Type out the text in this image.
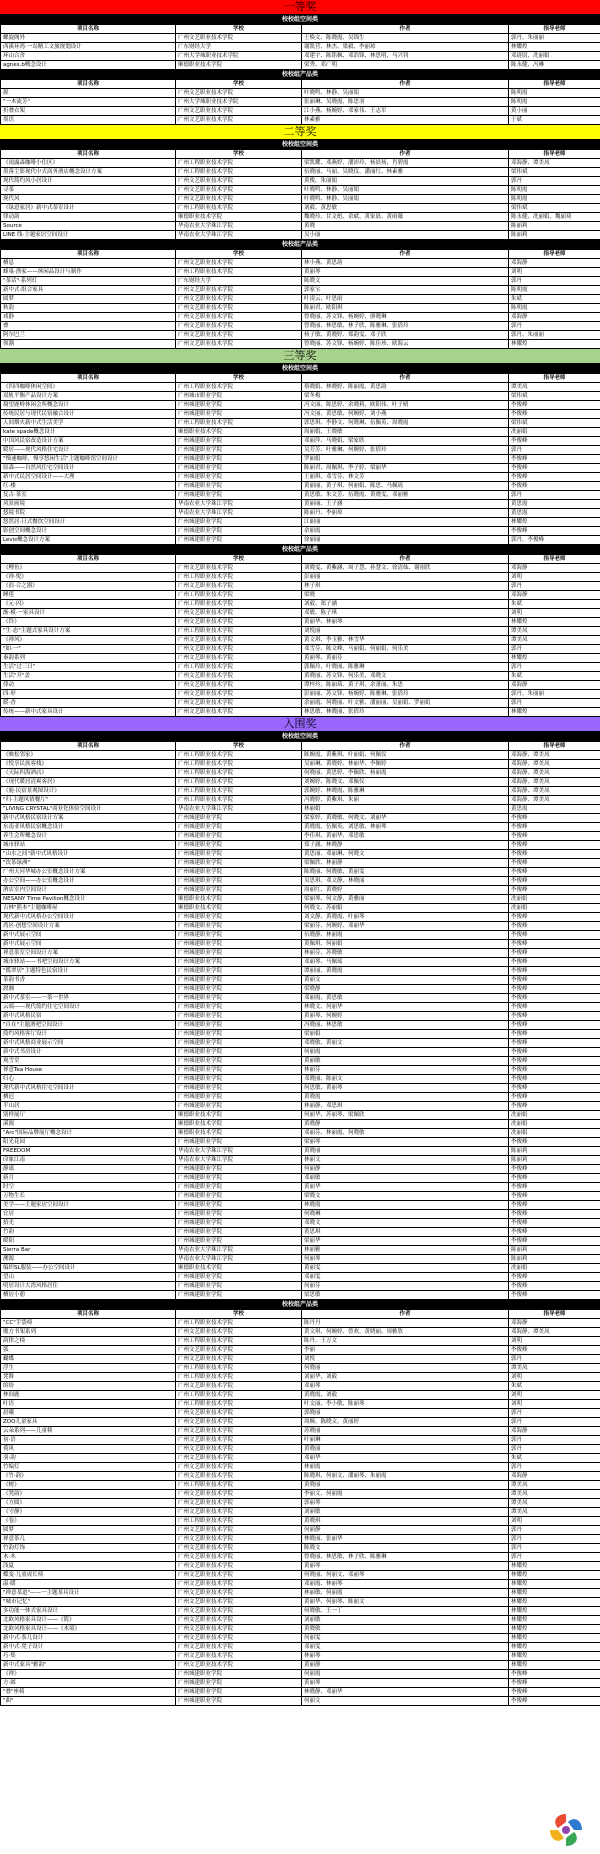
一等奖
校校组空间类
项目名称	学校	作者	指导老师
螺旋阁外	广州文艺职业技术学院	王焕文、陈晓霞、吴锦生	郭丹、朱丽丽
西溪环湾·一岛精工文旅规划设计	广东财经大学	谢凯营、林杰、梁毅、李丽琼	林耀煌
环山合舍	广州大学城职业技术学院	邓建宇、陈铭枫、邓浩锋、林思明、马兴钊	邓尉尉、冼丽娟
agnes.b概念设计	顺德职业技术学院	梁秀、邓广明	陈永健、冯琳
校校组产品类
项目名称	学校	作者	指导老师
源	广州文艺职业技术学院	叶晓鸣、林静、吴丽娟	陈明霞
"一木流芳"	广州大学城职业技术学院	张丽琳、吴晓霞、陈思羽	陈明霞
折叠衣架	广州文艺职业技术学院	江小燕、杨婉婷、邓家伟、王志军	黄小丽
墨语	广州文艺职业技术学院	林素雅	于斌
二等奖
校校组空间类
项目名称	学校	作者	指导老师
《雨露森咖啡小住区》	广州工程职业技术学院	梁凯耀、邓燕婷、潘沛玲、杨晨扬、肖碧霞	邓海静、谭美凤
墨落尘影现代中式商务酒店概念设计方案	广州工程职业技术学院	伍晓丽、马丽、吴晓仪、潘丽红、林素雅	梁伟斌
现代简约风小居设计	广州文艺职业技术学院	黄俊、朱丽娟	郭丹
寻茶	广州文艺职业技术学院	叶晓鸣、林静、吴丽娟	陈明霞
现代风	广州文艺职业技术学院	叶晓鸣、林静、吴丽娟	陈明霞
《绿意家居》新中式茶室设计	广州工程职业技术学院	刘毅、黄思敏	梁伟斌
律动韵	顺德职业技术学院	魏晓玲、甘文彪、余斌、黄家晨、黄雨薇	陈永健、冼丽娟、魏丽琦
Source	华南农业大学珠江学院	黄晓	陈丽莉
LINE 线·主题家居空间设计	华南农业大学珠江学院	吴小丽	陈丽莉
校校组产品类
项目名称	学校	作者	指导老师
栖息	广州文艺职业技术学院	林小燕、黄思韵	邓海静
蜂巢·渔家——休闲品设计与制作	广州工程职业技术学院	黄丽琴	刘明
"茶话"·系列灯	广东财经大学	陈晓文	郭丹
新中式·组合家具	广州文艺职业技术学院	郭家宝	陈明霞
圆梦	广州文艺职业技术学院	叶凌云、叶思雨	朱斌
秋韵	广州文艺职业技术学院	陈丽君、欧阳琪	陈明霞
戏静	广州文艺职业技术学院	曾晓丽、苏文锋、杨婉婷、廖晓琳	邓海静
叠	广州文艺职业技术学院	曾晓丽、林思敏、林子欣、陈雅琳、张倩玲	郭丹
阿尔巴兰	广州文艺职业技术学院	杨子敏、黄晓婷、郑韵雯、邓子欣	郭丹、朱丽丽
领潮	广州文艺职业技术学院	曾晓丽、苏文锋、杨婉婷、陈佳珍、欧海云	林耀煌
三等奖
校校组空间类
项目名称	学校	作者	指导老师
《四四咖啡休闲空间》	广州工程职业技术学院	蔡晓娟、林晓婷、陈丽霞、黄思韵	谭美凤
双轨平衡产品设计方案	广州城市职业学院	梁冬梅	梁伟斌
凝望鹿岭休闲会所概念设计	广州城建职业学院	冯文丽、陈思婷、余晓莉、欧阳伟、叶子晴	李俊峰
传统民居与现代民宿融合设计	广州城建职业学院	冯文丽、黄思敏、何婉婷、刘小燕	李俊峰
人间烟火新中式生活美学	广州工程职业技术学院	郭思琪、李静文、何晓琳、伍佩英、周晓霞	梁伟斌
kate spade概念设计	顺德职业技术学院	周丽娟、王晓敏	冼丽娟
中国风民宿改造设计方案	广州城建职业学院	邓丽萍、马晓娟、梁家欣	李俊峰
暖居——现代风格住宅设计	广州城建职业学院	吴芳芳、叶雅琳、何婉婷、张倩玲	郭丹
"慢速咖啡，慢享悠闲生活"主题咖啡馆空间设计	广州城建职业学院	罗丽娟	李俊峰
原森——自然风住宅空间设计	广州城建职业学院	陈丽君、周佩琪、李子婷、梁丽华	李俊峰
新中式民居空间设计——大理	广州城建职业学院	王丽琪、邓雪芬、林文芳	李俊峰
红·楼	广州城建职业学院	黄丽丽、黄子琪、何丽娟、陈思、马佩瑶	李俊峰
复古·茶室	广州城建职业学院	黄思敏、朱文芳、伍晓霞、黄晓雯、邓丽雅	郭丹
风景画境	华南农业大学珠江学院	黄丽丽、王子涵	黄思霞
悠境书院	华南农业大学珠江学院	陈丽丹、李丽琼	黄思霞
悠然居·日式餐饮空间设计	广州城建职业学院	江丽丽	林耀煌
影创空间概念设计	广州城建职业学院	余丽霞	李俊峰
Levis概念设计方案	广州城建职业学院	徐丽丽	郭丹、李俊峰
校校组产品类
项目名称	学校	作者	指导老师
《鲤鱼》	广州文艺职业技术学院	刘晓雯、黄紫涵、周子慧、孙慧文、徐清仙、谢雨欣	邓海静
《禅·悦》	广州工程职业技术学院	彭丽丽	刘明
《浪·合之器》	广州文艺职业技术学院	林子琪	郭丹
睡莲	广州工程职业技术学院	梁晓	邓海静
《元·闪》	广州工程职业技术学院	刘毅、郑子涵	朱斌
渐·模·一家具设计	广州文艺职业技术学院	邓敏、陈子琪	刘明
《铃》	广州文艺职业技术学院	黄丽华、林丽琴	林耀煌
"生·态"主题式家具设计方案	广州工程职业技术学院	刘悦丽	谭美凤
《禅风》	广州文艺职业技术学院	黄文琪、李玉雅、林雪华	谭美凤
"如·一"	广州文艺职业技术学院	邓雪芬、陈文峰、马丽娟、何丽娟、何乐美	郭丹
秦韵系列	广州文艺职业技术学院	黄丽琴、黄丽芬	林耀煌
生活"过三日"	广州工程职业技术学院	郭佩玲、叶晓丽、陈雅琳	郭丹
生活"开"盖	广州文艺职业技术学院	黄晓丽、苏文锋、何乐美、邓晓文	朱斌
律动	广州文艺职业技术学院	谭梓玲、陈丽琦、黄子琪、余萧丽、朱思	邓海静
四·形	广州文艺职业技术学院	彭丽丽、苏文锋、杨婉婷、陈雅琳、张倩玲	郭丹、朱丽丽
暖·香	广州文艺职业技术学院	余丽霞、何晓丽、叶文雅、潘丽丽、吴丽娟、罗丽娟	郭丹
传统——新中式家具设计	广州文艺职业技术学院	林思敏、林晓丽、张倩玲	林耀煌
入围奖
校校组空间类
项目名称	学校	作者	指导老师
《映松邻家》	广州工程职业技术学院	陈婉霞、黄紫琪、叶丽娟、何佩仪	邓海静、谭美凤
《悦享民族客栈》	广州工程职业技术学院	吴丽琳、黄晓婷、林丽华、李佩婷	邓海静、谭美凤
《天际四海酒店》	广州工程职业技术学院	何晓丽、黄思婷、李佩欣、杨丽霞	邓海静、谭美凤
《现代暖居清爽客居》	广州工程职业技术学院	刘婉婷、陈晓文、邓佩仪	邓海静、谭美凤
《鹿·民宿景观图设计》	广州工程职业技术学院	郭婉婷、林晓霞、陈雅琳	邓海静、谭美凤
"归·主题风情餐厅"	广州工程职业技术学院	冯晓婷、黄紫琪、朱丽	邓海静、谭美凤
"LIVING CRYSTAL"商业化体验空间设计	华南农业大学珠江学院	林丽娟	黄思霞
新中式风格民宿设计方案	广州城建职业学院	梁家婷、黄晓敏、何晓文、刘丽华	李俊峰
东南亚风格民宿概念设计	广州城建职业学院	黄晓霞、伍佩英、刘思敏、林丽琴	李俊峰
养生会所概念设计	广州城建职业学院	李佳琪、黄丽华、邓思敏	李俊峰
城市驿站	广州城建职业学院	郑子涵、林晓静	李俊峰
"山水之间"新中式风格设计	广州城建职业学院	黄思丽、邓丽琳、何晓文	李俊峰
"饮茶绿洲"	广州城建职业学院	梁佩欣、林丽静	李俊峰
广州天河华城办公室概念设计方案	广州城建职业学院	陈晓丽、何晓敏、黄丽雯	李俊峰
办公空间——办公室概念设计	广州城建职业学院	吴思琪、邓文静、林晓丽	李俊峰
酒店室内空间设计	广州城建职业学院	周丽红、黄晓婷	李俊峰
NESANY Time Pavilion概念设计	顺德职业技术学院	梁丽琴、何文静、黄雅丽	冼丽娟
吉林"熊本"主题咖啡屋	顺德职业技术学院	何晓文、苏丽娟	冼丽娟
现代新中式风格办公空间设计	广州城建职业学院	刘文静、黄晓霞、叶丽琴	李俊峰
湾区·创想空间设计方案	广州城建职业学院	梁丽芬、何婉婷、邓丽华	李俊峰
新中式展示空间	广州城建职业学院	伍晓静、林丽霞	李俊峰
新中式展示空间	广州城建职业学院	黄佩琪、何丽娟	李俊峰
禅意茶室空间设计方案	广州城建职业学院	林丽芬、苏晓敏	李俊峰
城市驿站——书吧空间设计方案	广州城建职业学院	邓丽琴、马佩瑶	李俊峰
"揽翠居"主题特色民宿设计	广州城建职业学院	谭丽丽、黄晓霞	李俊峰
茶韵书香	广州城建职业学院	黄丽文	李俊峰
渡湘	广州城建职业学院	梁晓静	李俊峰
新中式茶室——一茶一世界	广州城建职业学院	邓丽霞、黄思敏	李俊峰
云端——现代简约住宅空间设计	广州城建职业学院	林晓文、何丽华	李俊峰
新中式风格民宿	广州城建职业学院	黄丽琴、何婉婷	李俊峰
"自在"主题酒吧空间设计	广州城建职业学院	冯晓丽、林思敏	李俊峰
简约风格客厅设计	广州城建职业学院	梁丽娟	李俊峰
新中式风格商业展示空间	广州城建职业学院	邓晓敏、黄丽文	李俊峰
新中式书房设计	广州城建职业学院	何丽霞	李俊峰
观雪堂	广州城建职业学院	黄丽敏	李俊峰
禅意Tea House	广州城建职业学院	林丽芬	李俊峰
归心	广州城建职业学院	邓晓丽、陈丽文	李俊峰
现代新中式风格住宅空间设计	广州城建职业学院	何思敏、黄丽琴	李俊峰
栖迟	广州城建职业学院	黄晓霞	李俊峰
半山居	广州城建职业学院	林丽静、邓思琪	李俊峰
别样展厅	顺德职业技术学院	何丽华、苏丽琴、梁佩欣	冼丽娟
溪源	顺德职业技术学院	黄晓静	冼丽娟
"Arc"国际品牌展厅概念设计	顺德职业技术学院	邓丽芬、林丽霞、何晓敏	冼丽娟
阳光花园	广州城建职业学院	梁丽琴	李俊峰
FREEDOM	华南农业大学珠江学院	黄晓丽	陈丽莉
印象江南	华南农业大学珠江学院	林丽文	陈丽莉
静谧	广州城建职业学院	何丽静	李俊峰
新月	广州城建职业学院	邓丽敏	李俊峰
时空	广州城建职业学院	黄丽华	李俊峰
万物生长	广州城建职业学院	梁晓文	李俊峰
美学——主题家居空间设计	广州城建职业学院	林晓霞	李俊峰
宜居	广州城建职业学院	何晓琳	李俊峰
拾光	广州城建职业学院	邓晓文	李俊峰
竹韵	广州城建职业学院	黄思琪	李俊峰
暖阳	广州城建职业学院	梁丽华	李俊峰
Sierra Bar	华南农业大学珠江学院	林丽雅	陈丽莉
溯源	华南农业大学珠江学院	何丽琴	陈丽莉
编织SL服装——办公空间设计	顺德职业技术学院	黄丽雯	冼丽娟
望山	广州城建职业学院	邓丽雯	李俊峰
明居设计大湾风格居住	广州城建职业学院	何丽芬	李俊峰
栖居小憩	广州城建职业学院	梁思敏	李俊峰
校校组产品类
项目名称	学校	作者	指导老师
"CC"手袋椅	广州工程职业技术学院	陈丹丹	邓海静
魔方书架系列	广州文艺职业技术学院	黄文琪、何婉婷、曾欢、黄晓丽、周雅欣	邓海静、谭美凤
韵律之椅	广州工程职业技术学院	陈丹、王万文	刘明
弧	广州文艺职业技术学院	李丽	李俊峰
蝴蝶	广州文艺职业技术学院	刘悦	郭丹
浮生	广州工程职业技术学院	何晓丽	谭美凤
凳舞	广州工程职业技术学院	刘丽华、刘毅	刘明
缤纷	广州文艺职业技术学院	邓丽琴	朱斌
林间鹿	广州工程职业技术学院	黄晓霞、刘毅	刘明
叶语	广州工程职业技术学院	叶文丽、李小敏、陈丽琴	刘明
晨曦	广州文艺职业技术学院	郭晓丽	郭丹
ZOO儿童家具	广州文艺职业技术学院	周婉、陈晓文、黄丽婷	郭丹
云朵系列——儿童椅	广州文艺职业技术学院	苏晓丽	邓海静
初·语	广州文艺职业技术学院	叶丽琳	郭丹
荷风	广州文艺职业技术学院	黄晓丽	郭丹
羽·韵	广州文艺职业技术学院	邓丽华	朱斌
竹编灯	广州文艺职业技术学院	林丽霞	郭丹
《竹·韵》	广州文艺职业技术学院	陈晓琪、何丽文、潘丽琴、朱丽霞	邓海静
《树》	广州工程职业技术学院	黄晓丽	谭美凤
《凳韵》	广州文艺职业技术学院	李丽文、何丽霞	谭美凤
《方圆》	广州文艺职业技术学院	郭丽琴	谭美凤
《守静》	广州文艺职业技术学院	刘丽敏	谭美凤
《卷》	广州工程职业技术学院	黄晓琪	刘明
圆梦	广州文艺职业技术学院	何丽静	郭丹
禅意茶几	广州文艺职业技术学院	林晓丽、张丽华	郭丹
竹韵灯饰	广州文艺职业技术学院	陈晓文	郭丹
木·木	广州文艺职业技术学院	曾晓丽、林思敏、林子欣、陈雅琳	郭丹
浅夏	广州文艺职业技术学院	黄丽琴	林耀煌
蝶变·儿童成长椅	广州文艺职业技术学院	何晓丽、何丽文、邓丽琴	林耀煌
温·暖	广州文艺职业技术学院	邓丽霞、林丽琴	林耀煌
"禅意茶道"——一主题茶具设计	广州文艺职业技术学院	林丽敏、何丽霞	林耀煌
"城市记忆"	广州文艺职业技术学院	黄丽华、何丽琴、陈丽文	林耀煌
多功能一体式家具设计	广州文艺职业技术学院	何晓敏、王一丁	林耀煌
北欧风格家具设计——《简》	广州文艺职业技术学院	刘丽敏	林耀煌
北欧风格家具设计——《木境》	广州文艺职业技术学院	黄晓敏	林耀煌
新中式·茶几设计	广州文艺职业技术学院	何丽雯	林耀煌
新中式·凳子设计	广州文艺职业技术学院	邓丽雯	林耀煌
巧·集	广州文艺职业技术学院	林丽琴	林耀煌
新中式家具"雅韵"	广州文艺职业技术学院	黄丽静	林耀煌
《禅》	广州城建职业学院	何丽霞	李俊峰
方·圆	广州城建职业学院	黄丽琴	李俊峰
"叠"座椅	广州城建职业学院	林晓静、邓丽华	李俊峰
"曲"	广州城建职业学院	何丽文	李俊峰
